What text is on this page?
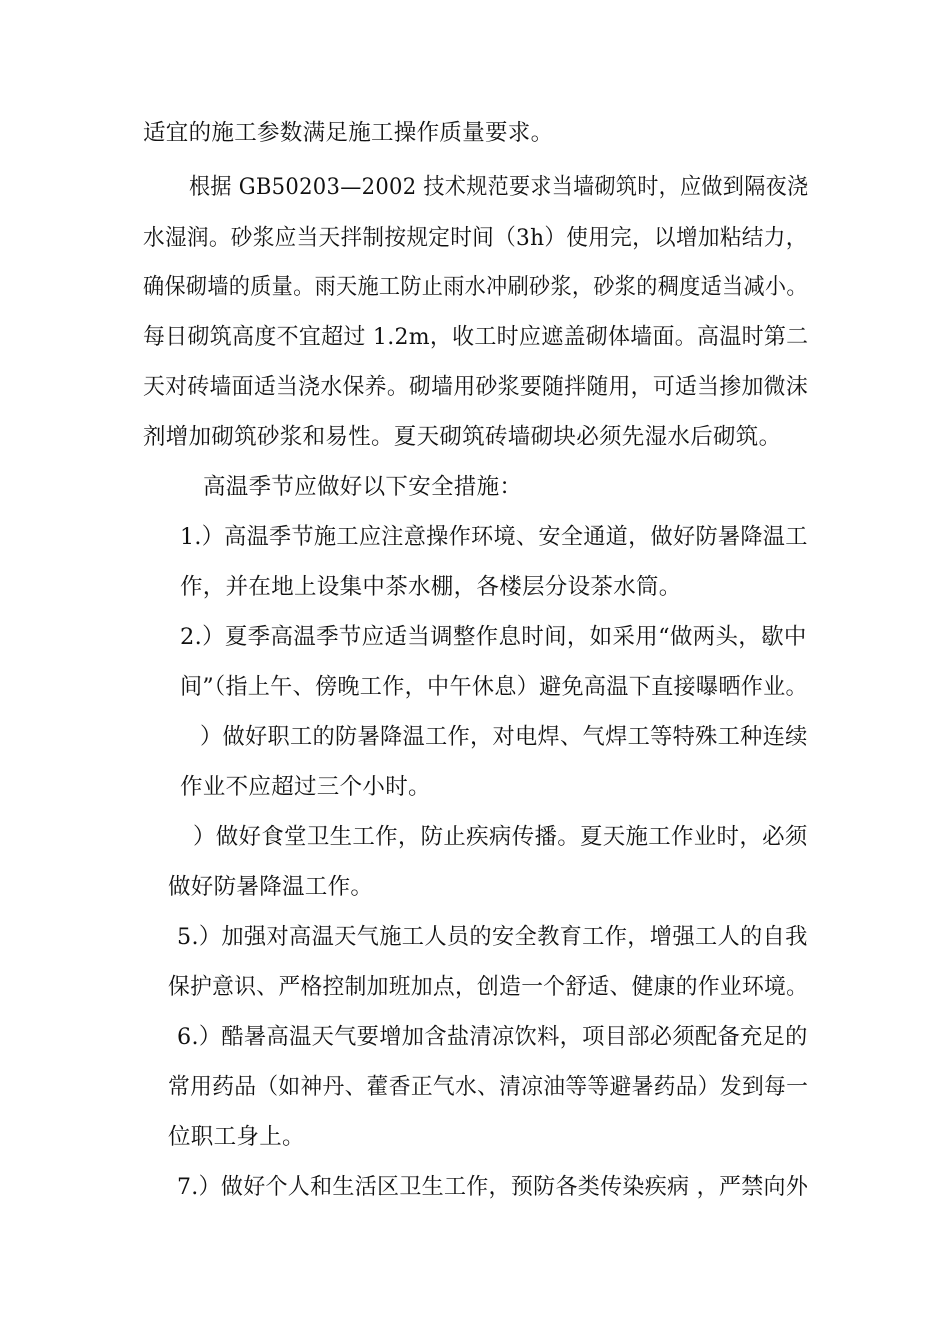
适宜的施工参数满足施工操作质量要求。
根据 GB50203—2002 技术规范要求当墙砌筑时，应做到隔夜浇
水湿润。砂浆应当天拌制按规定时间（3h）使用完，以增加粘结力，
确保砌墙的质量。雨天施工防止雨水冲刷砂浆，砂浆的稠度适当减小。
每日砌筑高度不宜超过 1.2m，收工时应遮盖砌体墙面。高温时第二
天对砖墙面适当浇水保养。砌墙用砂浆要随拌随用，可适当掺加微沫
剂增加砌筑砂浆和易性。夏天砌筑砖墙砌块必须先湿水后砌筑。
高温季节应做好以下安全措施：
1.）高温季节施工应注意操作环境、安全通道，做好防暑降温工
作，并在地上设集中茶水棚，各楼层分设茶水筒。
2.）夏季高温季节应适当调整作息时间，如采用“做两头，歇中
间”（指上午、傍晚工作，中午休息）避免高温下直接曝晒作业。
）做好职工的防暑降温工作，对电焊、气焊工等特殊工种连续
作业不应超过三个小时。
）做好食堂卫生工作，防止疾病传播。夏天施工作业时，必须
做好防暑降温工作。
5.）加强对高温天气施工人员的安全教育工作，增强工人的自我
保护意识、严格控制加班加点，创造一个舒适、健康的作业环境。
6.）酷暑高温天气要增加含盐清凉饮料，项目部必须配备充足的
常用药品（如神丹、藿香正气水、清凉油等等避暑药品）发到每一
位职工身上。
7.）做好个人和生活区卫生工作，预防各类传染疾病 ，严禁向外
